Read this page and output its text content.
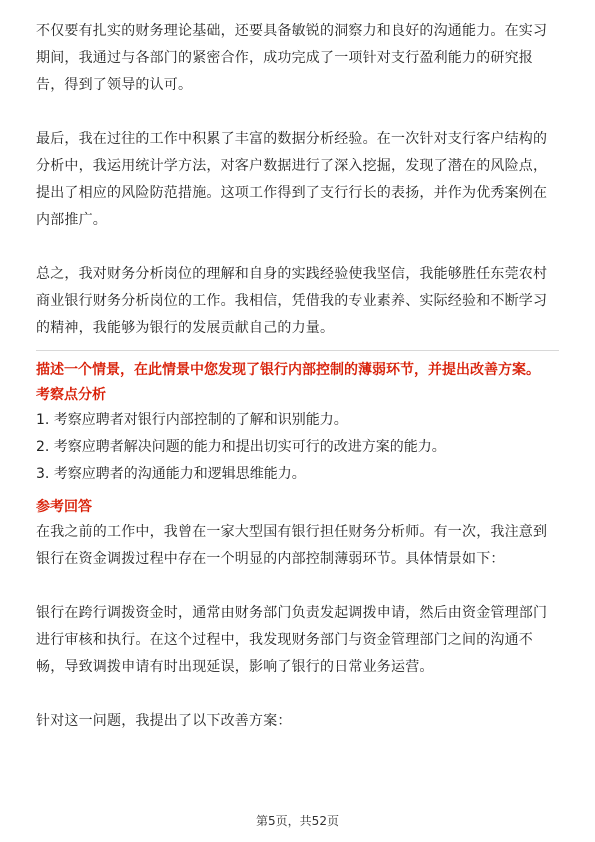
不仅要有扎实的财务理论基础，还要具备敏锐的洞察力和良好的沟通能力。在实习期间，我通过与各部门的紧密合作，成功完成了一项针对支行盈利能力的研究报告，得到了领导的认可。

最后，我在过往的工作中积累了丰富的数据分析经验。在一次针对支行客户结构的分析中，我运用统计学方法，对客户数据进行了深入挖掘，发现了潜在的风险点，提出了相应的风险防范措施。这项工作得到了支行行长的表扬，并作为优秀案例在内部推广。

总之，我对财务分析岗位的理解和自身的实践经验使我坚信，我能够胜任东莞农村商业银行财务分析岗位的工作。我相信，凭借我的专业素养、实际经验和不断学习的精神，我能够为银行的发展贡献自己的力量。

描述一个情景，在此情景中您发现了银行内部控制的薄弱环节，并提出改善方案。

考察点分析

1. 考察应聘者对银行内部控制的了解和识别能力。

2. 考察应聘者解决问题的能力和提出切实可行的改进方案的能力。

3. 考察应聘者的沟通能力和逻辑思维能力。

参考回答

在我之前的工作中，我曾在一家大型国有银行担任财务分析师。有一次，我注意到银行在资金调拨过程中存在一个明显的内部控制薄弱环节。具体情景如下：

银行在跨行调拨资金时，通常由财务部门负责发起调拨申请，然后由资金管理部门进行审核和执行。在这个过程中，我发现财务部门与资金管理部门之间的沟通不畅，导致调拨申请有时出现延误，影响了银行的日常业务运营。

针对这一问题，我提出了以下改善方案：

第5页，共52页
